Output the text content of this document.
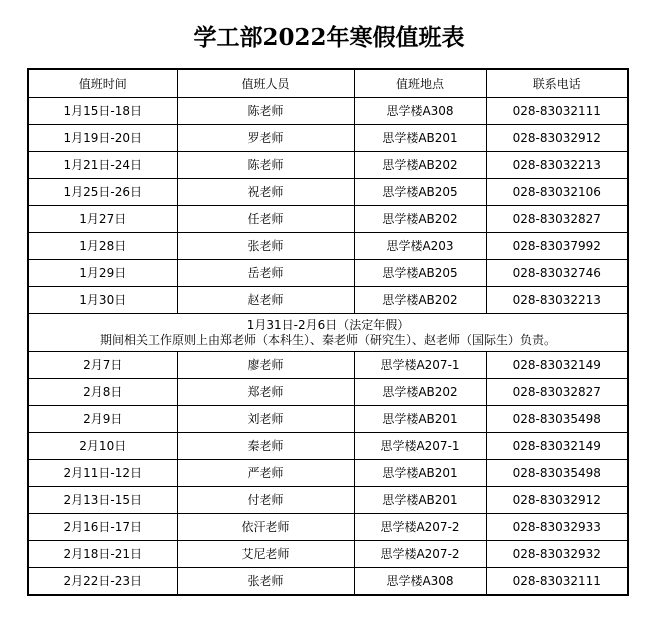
学工部2022年寒假值班表
值班时间	值班人员	值班地点	联系电话
1月15日-18日	陈老师	思学楼A308	028-83032111
1月19日-20日	罗老师	思学楼AB201	028-83032912
1月21日-24日	陈老师	思学楼AB202	028-83032213
1月25日-26日	祝老师	思学楼AB205	028-83032106
1月27日	任老师	思学楼AB202	028-83032827
1月28日	张老师	思学楼A203	028-83037992
1月29日	岳老师	思学楼AB205	028-83032746
1月30日	赵老师	思学楼AB202	028-83032213

1月31日-2月6日（法定年假）
期间相关工作原则上由郑老师（本科生）、秦老师（研究生）、赵老师（国际生）负责。			

2月7日	廖老师	思学楼A207-1	028-83032149
2月8日	郑老师	思学楼AB202	028-83032827
2月9日	刘老师	思学楼AB201	028-83035498
2月10日	秦老师	思学楼A207-1	028-83032149
2月11日-12日	严老师	思学楼AB201	028-83035498
2月13日-15日	付老师	思学楼AB201	028-83032912
2月16日-17日	依汗老师	思学楼A207-2	028-83032933
2月18日-21日	艾尼老师	思学楼A207-2	028-83032932
2月22日-23日	张老师	思学楼A308	028-83032111
